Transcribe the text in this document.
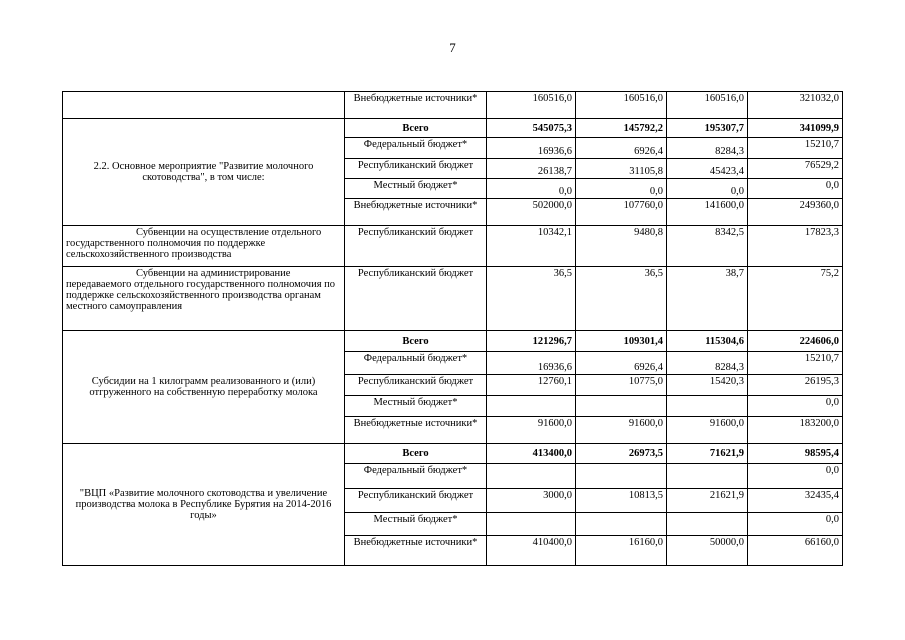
7
	Внебюджетные источники*	160516,0	160516,0	160516,0	321032,0
2.2. Основное мероприятие "Развитие молочного скотоводства", в том числе:	Всего	545075,3	145792,2	195307,7	341099,9
	Федеральный бюджет*	16936,6	6926,4	8284,3	15210,7
	Республиканский бюджет	26138,7	31105,8	45423,4	76529,2
	Местный бюджет*	0,0	0,0	0,0	0,0
	Внебюджетные источники*	502000,0	107760,0	141600,0	249360,0
Субвенции на осуществление отдельного государственного полномочия по поддержке сельскохозяйственного производства	Республиканский бюджет	10342,1	9480,8	8342,5	17823,3
Субвенции на администрирование передаваемого отдельного государственного полномочия по поддержке сельскохозяйственного производства органам местного самоуправления	Республиканский бюджет	36,5	36,5	38,7	75,2
Субсидии на 1 килограмм реализованного и (или) отгруженного на собственную переработку молока	Всего	121296,7	109301,4	115304,6	224606,0
	Федеральный бюджет*	16936,6	6926,4	8284,3	15210,7
	Республиканский бюджет	12760,1	10775,0	15420,3	26195,3
	Местный бюджет*				0,0
	Внебюджетные источники*	91600,0	91600,0	91600,0	183200,0
"ВЦП «Развитие молочного скотоводства и увеличение производства молока в Республике Бурятия на 2014-2016 годы»	Всего	413400,0	26973,5	71621,9	98595,4
	Федеральный бюджет*				0,0
	Республиканский бюджет	3000,0	10813,5	21621,9	32435,4
	Местный бюджет*				0,0
	Внебюджетные источники*	410400,0	16160,0	50000,0	66160,0
